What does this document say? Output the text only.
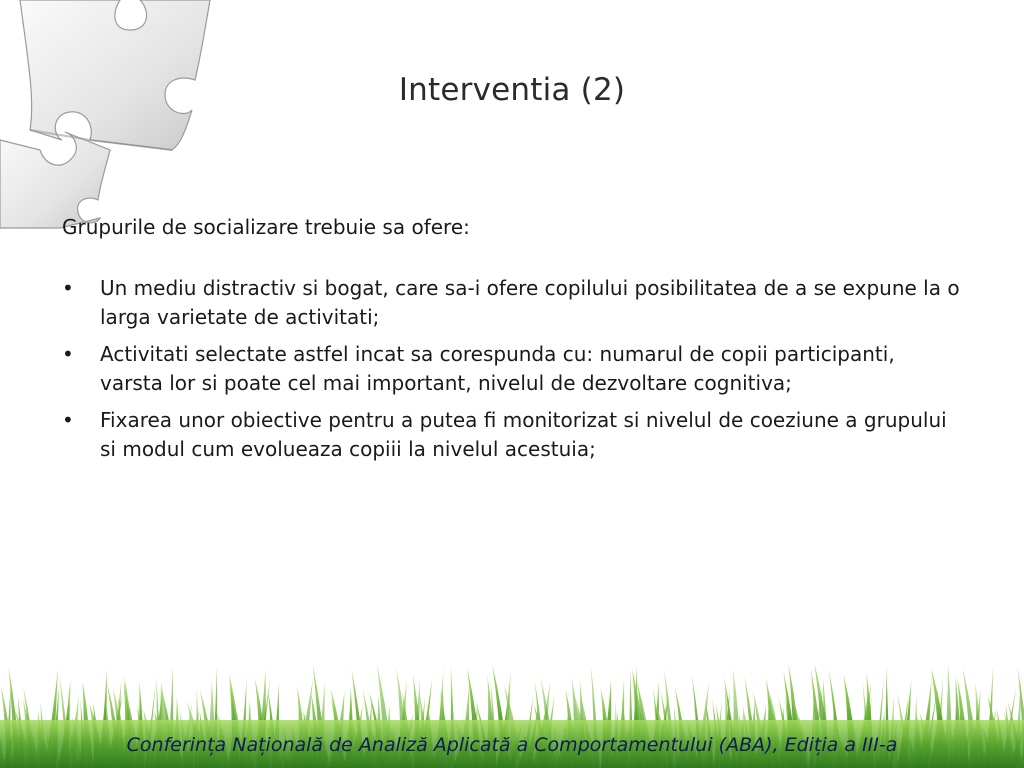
Interventia (2)

Grupurile de socializare trebuie sa ofere:

•	Un mediu distractiv si bogat, care sa-i ofere copilului posibilitatea de a se expune la o larga varietate de activitati;
•	Activitati selectate astfel incat sa corespunda cu: numarul de copii participanti, varsta lor si poate cel mai important, nivelul de dezvoltare cognitiva;
•	Fixarea unor obiective pentru a putea fi monitorizat si nivelul de coeziune a grupului si modul cum evolueaza copiii la nivelul acestuia;
Conferința Națională de Analiză Aplicată a Comportamentului (ABA), Ediția a III-a
